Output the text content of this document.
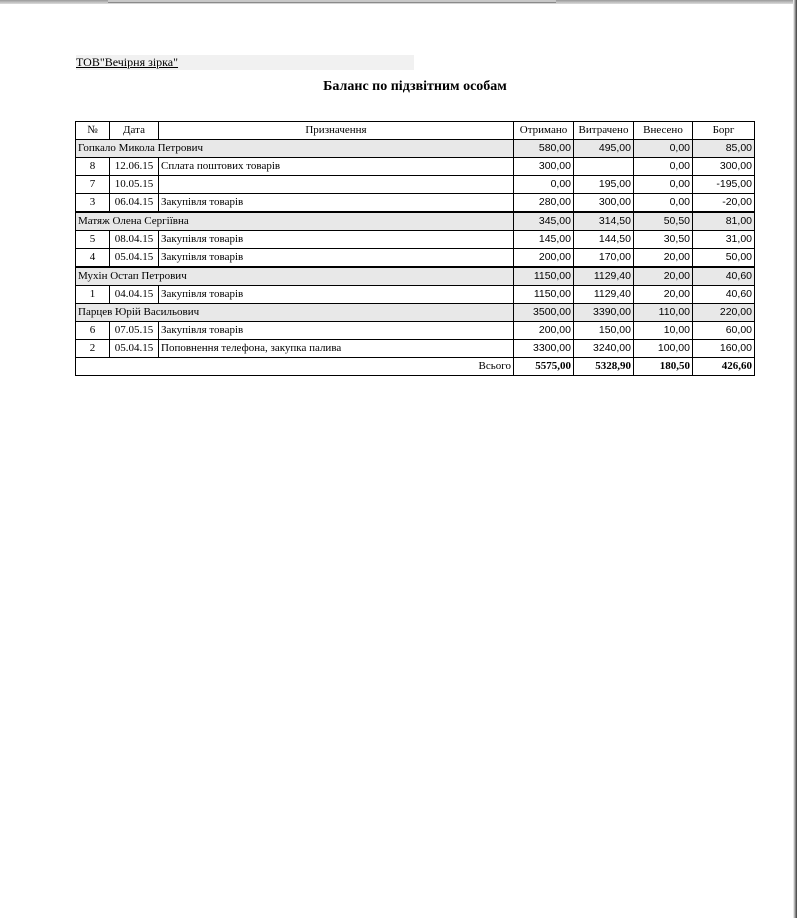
ТОВ"Вечірня зірка"
Баланс по підзвітним особам
№	Дата	Призначення	Отримано	Витрачено	Внесено	Борг
Гопкало Микола Петрович			580,00	495,00	0,00	85,00
8	12.06.15	Сплата поштових товарів	300,00		0,00	300,00
7	10.05.15		0,00	195,00	0,00	-195,00
3	06.04.15	Закупівля товарів	280,00	300,00	0,00	-20,00
Матяж Олена Сергіївна			345,00	314,50	50,50	81,00
5	08.04.15	Закупівля товарів	145,00	144,50	30,50	31,00
4	05.04.15	Закупівля товарів	200,00	170,00	20,00	50,00
Мухін Остап Петрович			1150,00	1129,40	20,00	40,60
1	04.04.15	Закупівля товарів	1150,00	1129,40	20,00	40,60
Парцев Юрій Васильович			3500,00	3390,00	110,00	220,00
6	07.05.15	Закупівля товарів	200,00	150,00	10,00	60,00
2	05.04.15	Поповнення телефона, закупка палива	3300,00	3240,00	100,00	160,00
Всього			5575,00	5328,90	180,50	426,60
